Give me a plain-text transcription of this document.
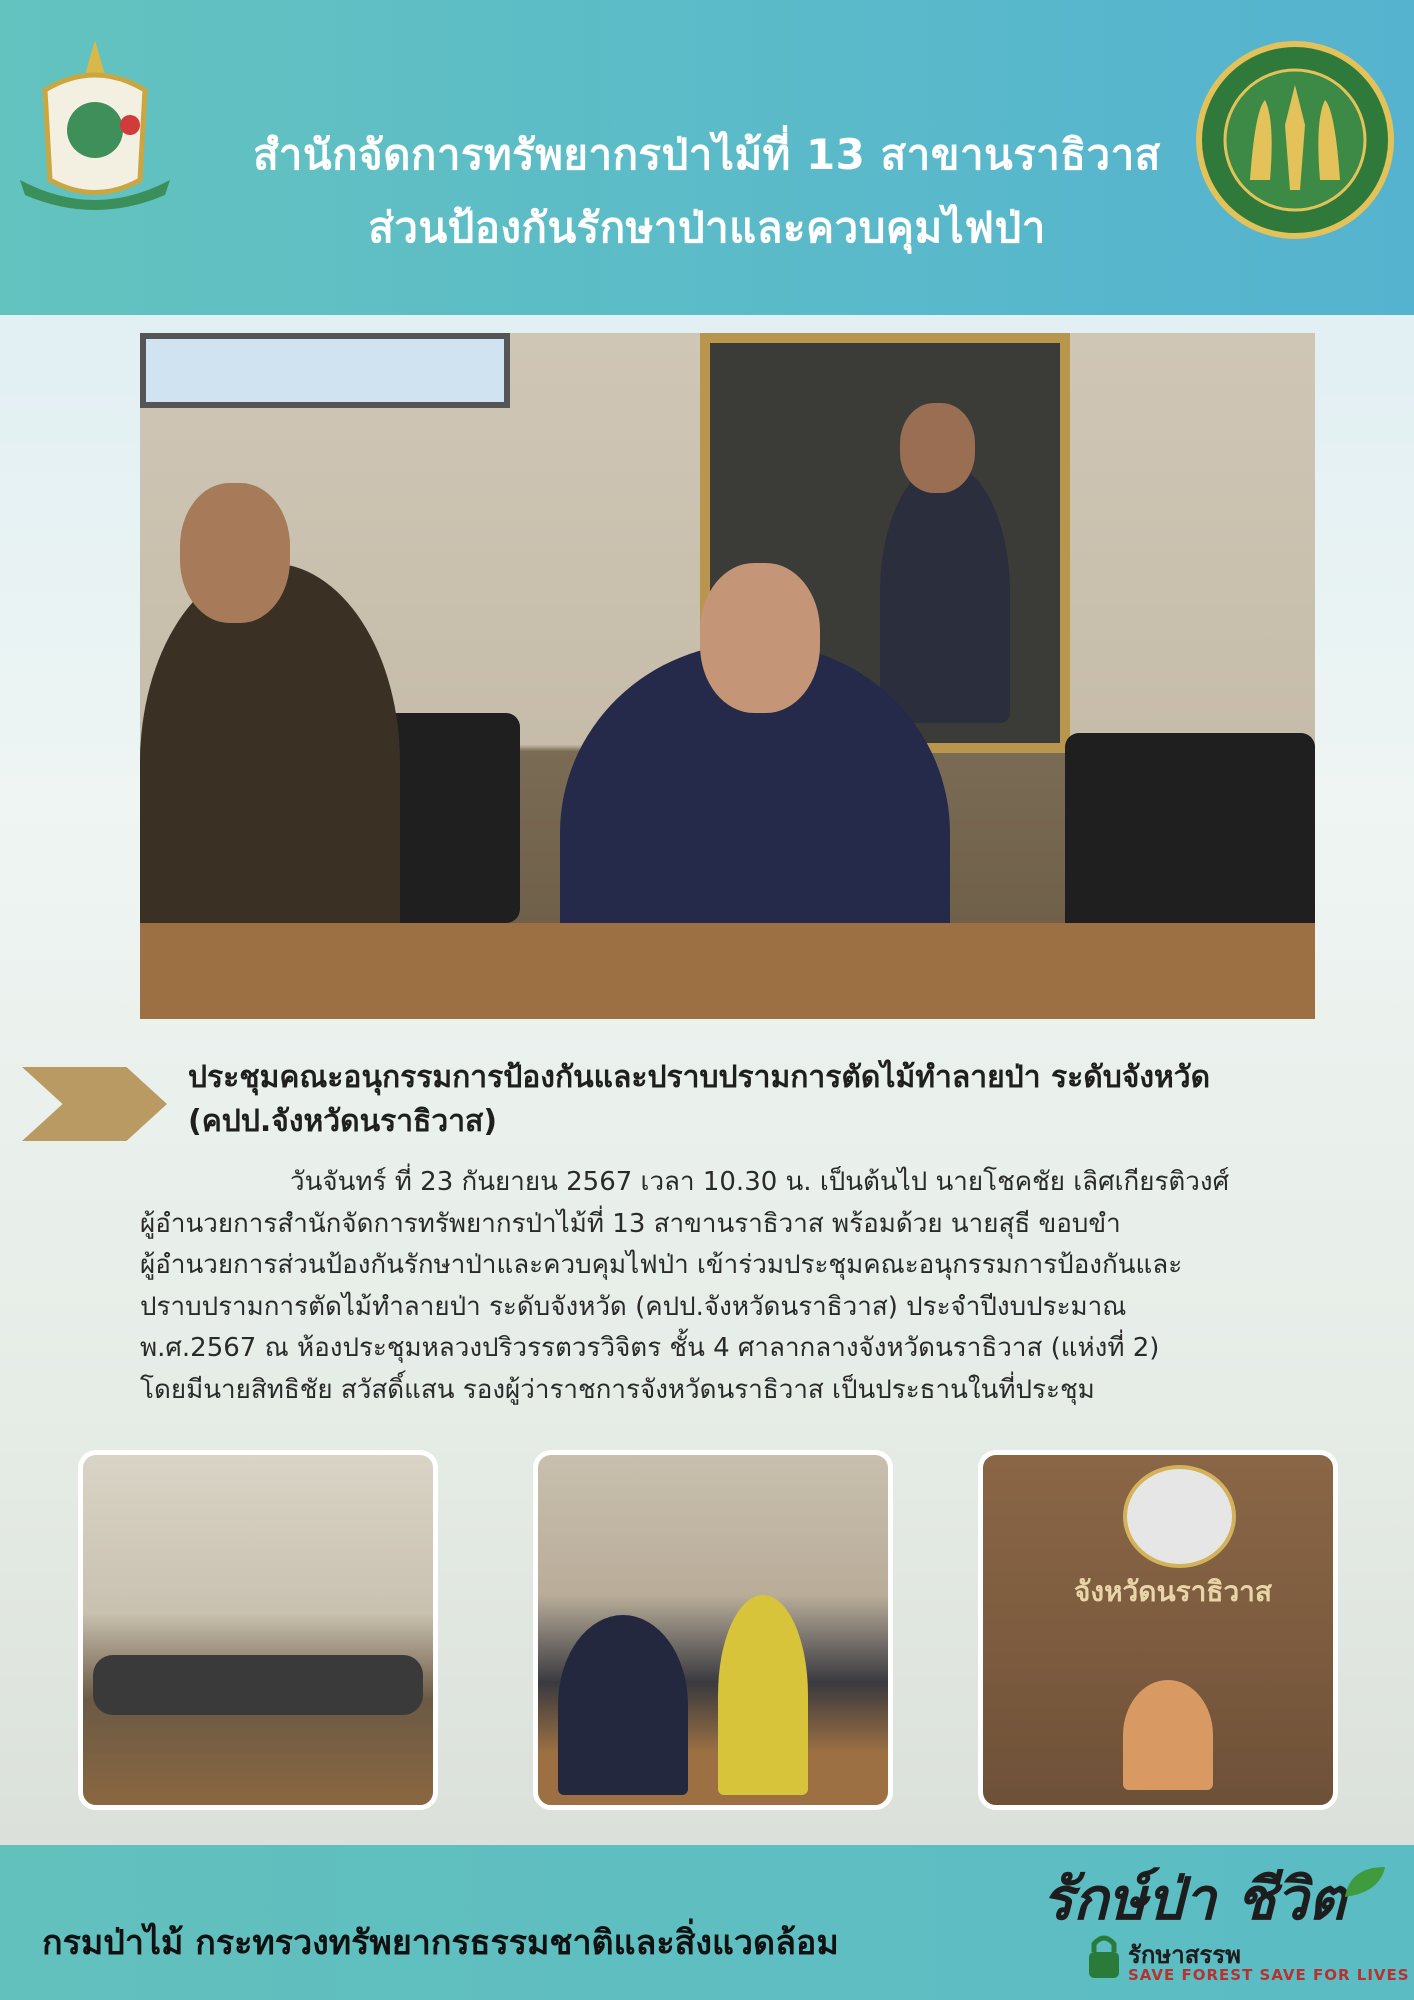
สำนักจัดการทรัพยากรป่าไม้ที่ 13 สาขานราธิวาส
ส่วนป้องกันรักษาป่าและควบคุมไฟป่า
ประชุมคณะอนุกรรมการป้องกันและปราบปรามการตัดไม้ทำลายป่า ระดับจังหวัด (คปป.จังหวัดนราธิวาส)

วันจันทร์ ที่ 23 กันยายน 2567 เวลา 10.30 น. เป็นต้นไป นายโชคชัย เลิศเกียรติวงศ์

ผู้อำนวยการสำนักจัดการทรัพยากรป่าไม้ที่ 13 สาขานราธิวาส พร้อมด้วย นายสุธี ขอบขำ

ผู้อำนวยการส่วนป้องกันรักษาป่าและควบคุมไฟป่า เข้าร่วมประชุมคณะอนุกรรมการป้องกันและ

ปราบปรามการตัดไม้ทำลายป่า ระดับจังหวัด (คปป.จังหวัดนราธิวาส) ประจำปีงบประมาณ

พ.ศ.2567 ณ ห้องประชุมหลวงปริวรรตวรวิจิตร ชั้น 4 ศาลากลางจังหวัดนราธิวาส (แห่งที่ 2)

โดยมีนายสิทธิชัย สวัสดิ์แสน รองผู้ว่าราชการจังหวัดนราธิวาส เป็นประธานในที่ประชุม

จังหวัดนราธิวาส
กรมป่าไม้ กระทรวงทรัพยากรธรรมชาติและสิ่งแวดล้อม
รักษ์ป่า ชีวิต
รักษาสรรพ
SAVE FOREST SAVE FOR LIVES
